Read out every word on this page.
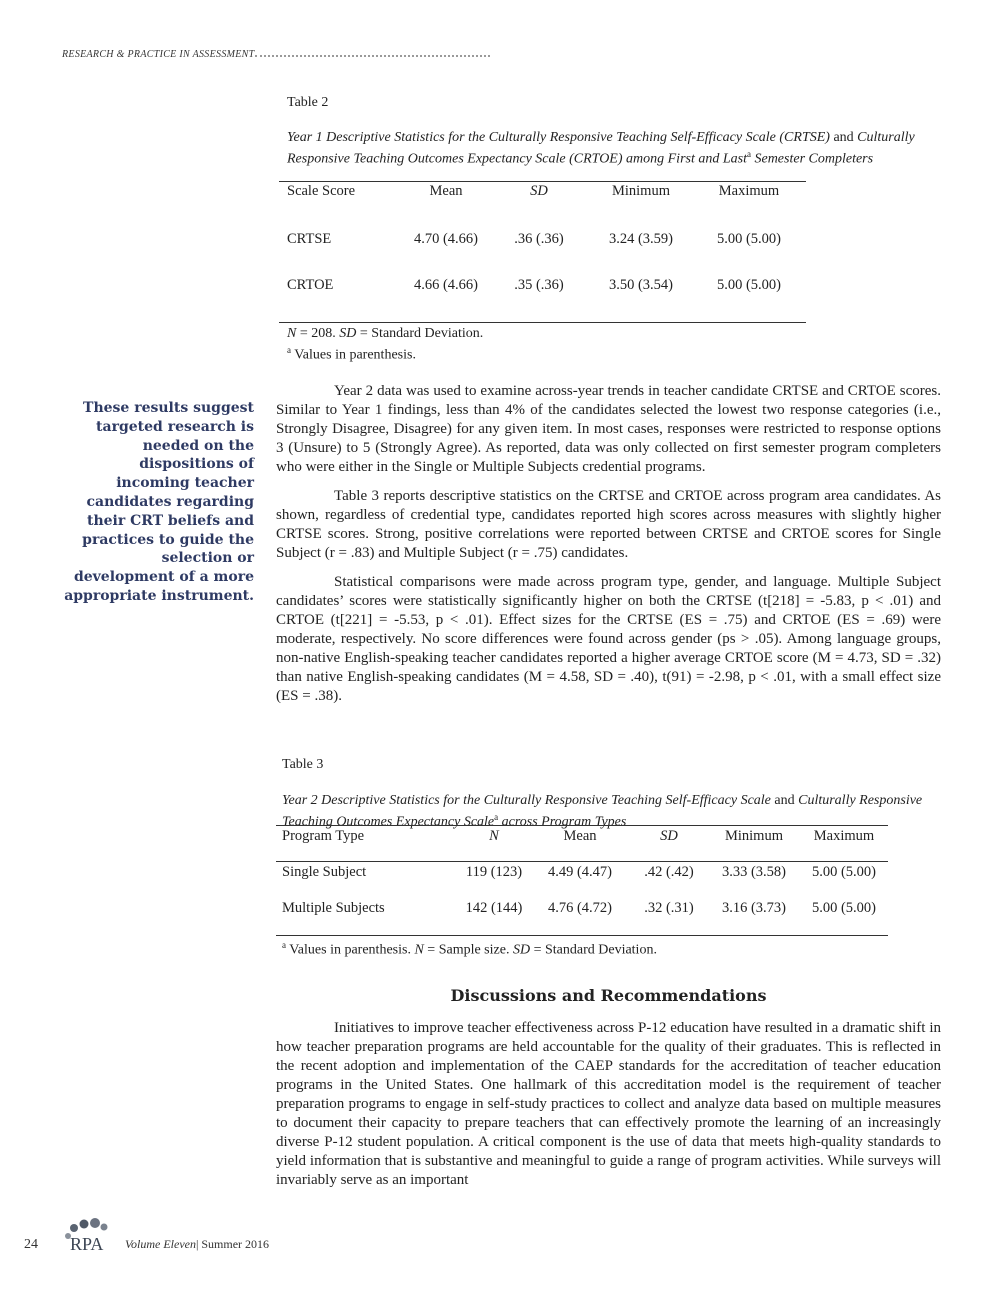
RESEARCH & PRACTICE IN ASSESSMENT
Table 2
Year 1 Descriptive Statistics for the Culturally Responsive Teaching Self-Efficacy Scale (CRTSE) and Culturally Responsive Teaching Outcomes Expectancy Scale (CRTOE) among First and Last$^a$ Semester Completers
Scale Score	Mean	SD	Minimum	Maximum
CRTSE	4.70 (4.66)	.36 (.36)	3.24 (3.59)	5.00 (5.00)
CRTOE	4.66 (4.66)	.35 (.36)	3.50 (3.54)	5.00 (5.00)
N = 208. SD = Standard Deviation.
$^a$ Values in parenthesis.
These results suggest targeted research is needed on the dispositions of incoming teacher candidates regarding their CRT beliefs and practices to guide the selection or development of a more appropriate instrument.

Year 2 data was used to examine across-year trends in teacher candidate CRTSE and CRTOE scores. Similar to Year 1 findings, less than 4% of the candidates selected the lowest two response categories (i.e., Strongly Disagree, Disagree) for any given item. In most cases, responses were restricted to response options 3 (Unsure) to 5 (Strongly Agree). As reported, data was only collected on first semester program completers who were either in the Single or Multiple Subjects credential programs.

Table 3 reports descriptive statistics on the CRTSE and CRTOE across program area candidates. As shown, regardless of credential type, candidates reported high scores across measures with slightly higher CRTSE scores. Strong, positive correlations were reported between CRTSE and CRTOE scores for Single Subject (r = .83) and Multiple Subject (r = .75) candidates.

Statistical comparisons were made across program type, gender, and language. Multiple Subject candidates’ scores were statistically significantly higher on both the CRTSE (t[218] = -5.83, p < .01) and CRTOE (t[221] = -5.53, p < .01). Effect sizes for the CRTSE (ES = .75) and CRTOE (ES = .69) were moderate, respectively. No score differences were found across gender (ps > .05). Among language groups, non-native English-speaking teacher candidates reported a higher average CRTOE score (M = 4.73, SD = .32) than native English-speaking candidates (M = 4.58, SD = .40), t(91) = -2.98, p < .01, with a small effect size (ES = .38).

Table 3
Year 2 Descriptive Statistics for the Culturally Responsive Teaching Self-Efficacy Scale and Culturally Responsive Teaching Outcomes Expectancy Scale$^a$ across Program Types
Program Type	N	Mean	SD	Minimum	Maximum
Single Subject	119 (123)	4.49 (4.47)	.42 (.42)	3.33 (3.58)	5.00 (5.00)
Multiple Subjects	142 (144)	4.76 (4.72)	.32 (.31)	3.16 (3.73)	5.00 (5.00)
$^a$ Values in parenthesis. N = Sample size. SD = Standard Deviation.
Discussions and Recommendations

Initiatives to improve teacher effectiveness across P-12 education have resulted in a dramatic shift in how teacher preparation programs are held accountable for the quality of their graduates. This is reflected in the recent adoption and implementation of the CAEP standards for the accreditation of teacher education programs in the United States. One hallmark of this accreditation model is the requirement of teacher preparation programs to engage in self-study practices to collect and analyze data based on multiple measures to document their capacity to prepare teachers that can effectively promote the learning of an increasingly diverse P-12 student population. A critical component is the use of data that meets high-quality standards to yield information that is substantive and meaningful to guide a range of program activities. While surveys will invariably serve as an important

24 RPA Volume Eleven| Summer 2016
